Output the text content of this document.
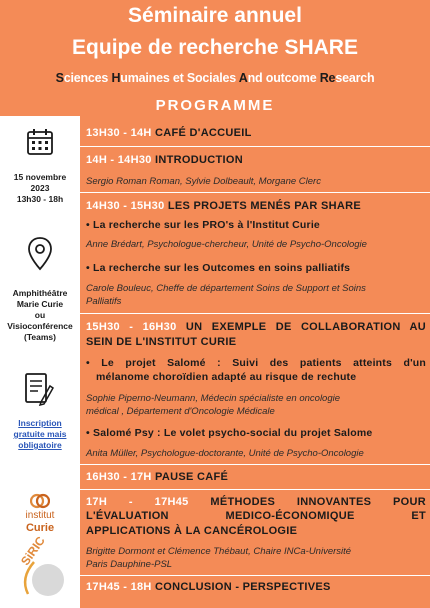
Séminaire annuel
Equipe de recherche SHARE
Sciences Humaines et Sociales And outcome Research
PROGRAMME
15 novembre
2023
13h30 - 18h
Amphithéâtre
Marie Curie
ou
Visioconférence
(Teams)
Inscription
gratuite mais
obligatoire
institut
Curie
SiRIC
13H30 - 14H CAFÉ D'ACCUEIL
14H - 14H30 INTRODUCTION
Sergio Roman Roman, Sylvie Dolbeault, Morgane Clerc
14H30 - 15H30 LES PROJETS MENÉS PAR SHARE
• La recherche sur les PRO's à l'Institut Curie
Anne Brédart, Psychologue-chercheur, Unité de Psycho-Oncologie
• La recherche sur les Outcomes en soins palliatifs
Carole Bouleuc, Cheffe de département Soins de Support et Soins
Palliatifs
15H30 - 16H30 UN EXEMPLE DE COLLABORATION AU
SEIN DE L'INSTITUT CURIE
• Le projet Salomé : Suivi des patients atteints d'un
mélanome choroïdien adapté au risque de rechute
Sophie Piperno-Neumann, Médecin spécialiste en oncologie
médical , Département d'Oncologie Médicale
• Salomé Psy : Le volet psycho-social du projet Salome
Anita Müller, Psychologue-doctorante, Unité de Psycho-Oncologie
16H30 - 17H PAUSE CAFÉ
17H - 17H45 MÉTHODES INNOVANTES POUR
L'ÉVALUATION MEDICO-ÉCONOMIQUE ET
APPLICATIONS À LA CANCÉROLOGIE
Brigitte Dormont et Clémence Thébaut, Chaire INCa-Université
Paris Dauphine-PSL
17H45 - 18H CONCLUSION - PERSPECTIVES
